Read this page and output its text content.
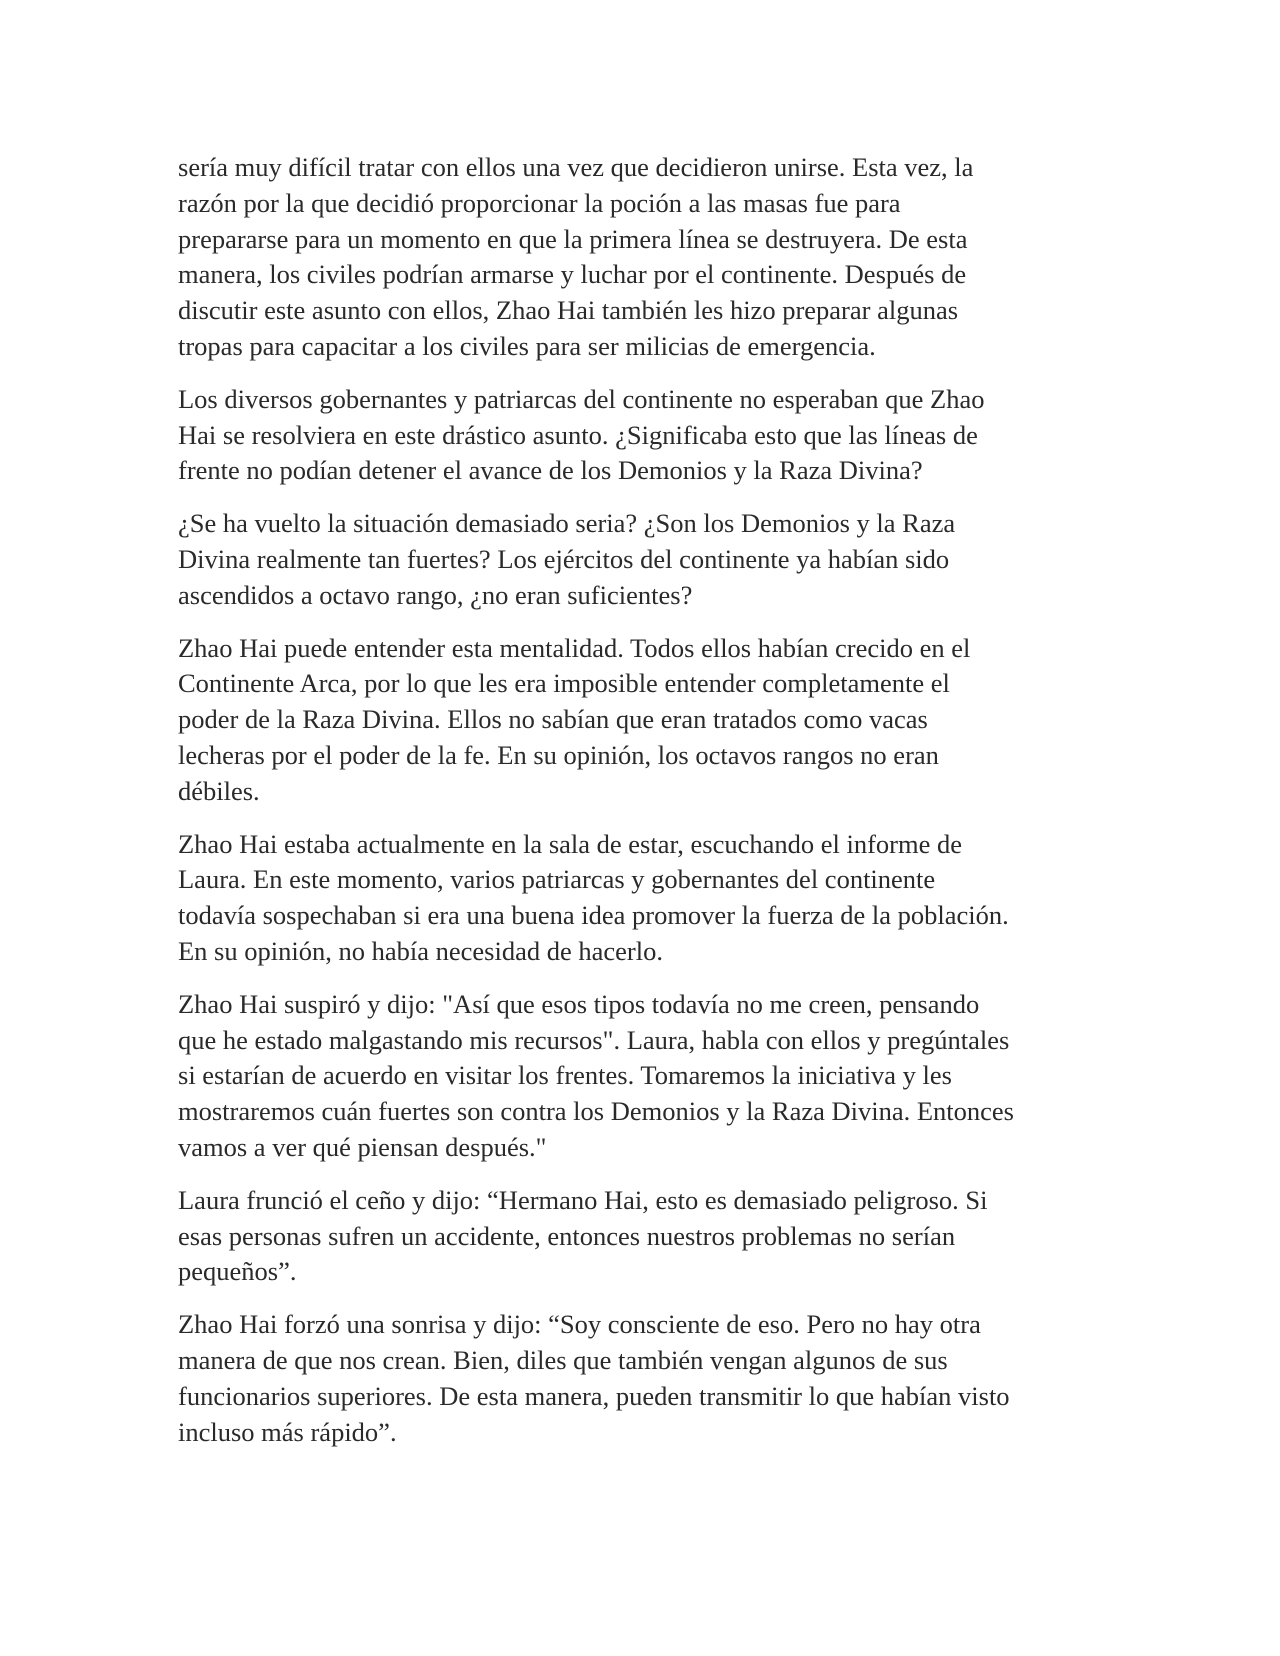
sería muy difícil tratar con ellos una vez que decidieron unirse. Esta vez, la
razón por la que decidió proporcionar la poción a las masas fue para
prepararse para un momento en que la primera línea se destruyera. De esta
manera, los civiles podrían armarse y luchar por el continente. Después de
discutir este asunto con ellos, Zhao Hai también les hizo preparar algunas
tropas para capacitar a los civiles para ser milicias de emergencia.

Los diversos gobernantes y patriarcas del continente no esperaban que Zhao
Hai se resolviera en este drástico asunto. ¿Significaba esto que las líneas de
frente no podían detener el avance de los Demonios y la Raza Divina?

¿Se ha vuelto la situación demasiado seria? ¿Son los Demonios y la Raza
Divina realmente tan fuertes? Los ejércitos del continente ya habían sido
ascendidos a octavo rango, ¿no eran suficientes?

Zhao Hai puede entender esta mentalidad. Todos ellos habían crecido en el
Continente Arca, por lo que les era imposible entender completamente el
poder de la Raza Divina. Ellos no sabían que eran tratados como vacas
lecheras por el poder de la fe. En su opinión, los octavos rangos no eran
débiles.

Zhao Hai estaba actualmente en la sala de estar, escuchando el informe de
Laura. En este momento, varios patriarcas y gobernantes del continente
todavía sospechaban si era una buena idea promover la fuerza de la población.
En su opinión, no había necesidad de hacerlo.

Zhao Hai suspiró y dijo: "Así que esos tipos todavía no me creen, pensando
que he estado malgastando mis recursos". Laura, habla con ellos y pregúntales
si estarían de acuerdo en visitar los frentes. Tomaremos la iniciativa y les
mostraremos cuán fuertes son contra los Demonios y la Raza Divina. Entonces
vamos a ver qué piensan después."

Laura frunció el ceño y dijo: “Hermano Hai, esto es demasiado peligroso. Si
esas personas sufren un accidente, entonces nuestros problemas no serían
pequeños”.

Zhao Hai forzó una sonrisa y dijo: “Soy consciente de eso. Pero no hay otra
manera de que nos crean. Bien, diles que también vengan algunos de sus
funcionarios superiores. De esta manera, pueden transmitir lo que habían visto
incluso más rápido”.
